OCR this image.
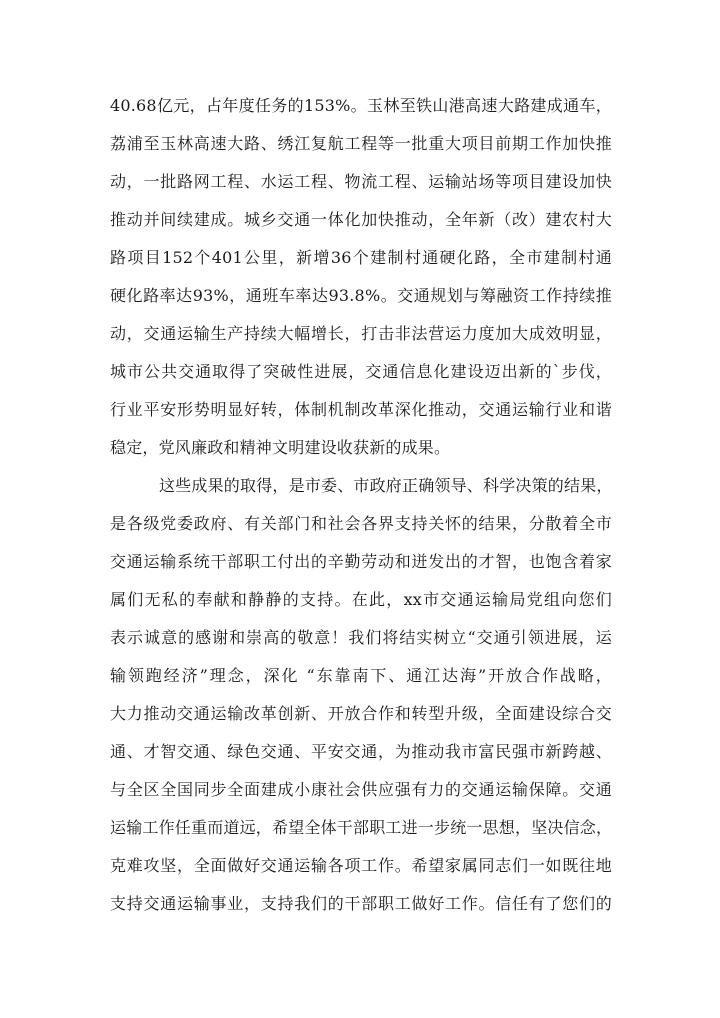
40.68亿元，占年度任务的153%。玉林至铁山港高速大路建成通车，
荔浦至玉林高速大路、绣江复航工程等一批重大项目前期工作加快推
动，一批路网工程、水运工程、物流工程、运输站场等项目建设加快
推动并间续建成。城乡交通一体化加快推动，全年新（改）建农村大
路项目152个401公里，新增36个建制村通硬化路，全市建制村通
硬化路率达93%，通班车率达93.8%。交通规划与筹融资工作持续推
动，交通运输生产持续大幅增长，打击非法营运力度加大成效明显，
城市公共交通取得了突破性进展，交通信息化建设迈出新的`步伐，
行业平安形势明显好转，体制机制改革深化推动，交通运输行业和谐
稳定，党风廉政和精神文明建设收获新的成果。
这些成果的取得，是市委、市政府正确领导、科学决策的结果，
是各级党委政府、有关部门和社会各界支持关怀的结果，分散着全市
交通运输系统干部职工付出的辛勤劳动和迸发出的才智，也饱含着家
属们无私的奉献和静静的支持。在此，xx市交通运输局党组向您们
表示诚意的感谢和崇高的敬意！我们将结实树立“交通引领进展，运
输领跑经济”理念，深化 “东靠南下、通江达海”开放合作战略，
大力推动交通运输改革创新、开放合作和转型升级，全面建设综合交
通、才智交通、绿色交通、平安交通，为推动我市富民强市新跨越、
与全区全国同步全面建成小康社会供应强有力的交通运输保障。交通
运输工作任重而道远，希望全体干部职工进一步统一思想，坚决信念，
克难攻坚，全面做好交通运输各项工作。希望家属同志们一如既往地
支持交通运输事业，支持我们的干部职工做好工作。信任有了您们的
